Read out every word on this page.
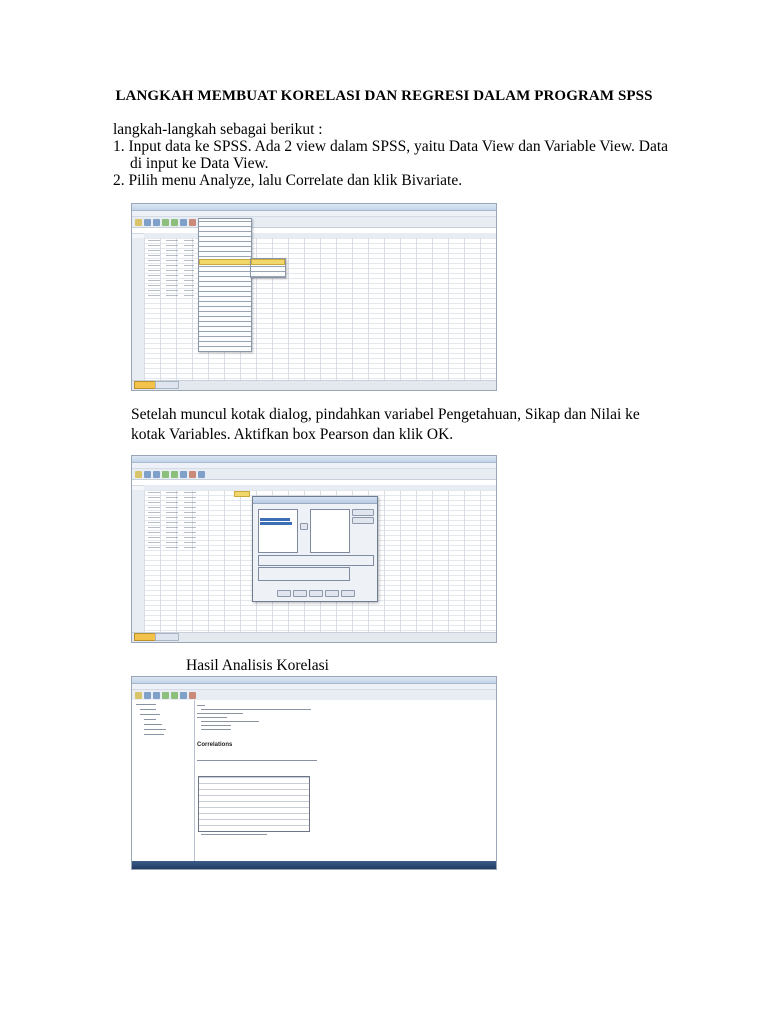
LANGKAH MEMBUAT KORELASI DAN REGRESI DALAM PROGRAM SPSS
langkah-langkah sebagai berikut :
1. Input data ke SPSS. Ada 2 view dalam SPSS, yaitu Data View dan Variable View. Data
di input ke Data View.
2. Pilih menu Analyze, lalu Correlate dan klik Bivariate.
Setelah muncul kotak dialog, pindahkan variabel Pengetahuan, Sikap dan Nilai ke kotak Variables. Aktifkan box Pearson dan klik OK.
Hasil Analisis Korelasi
Correlations
